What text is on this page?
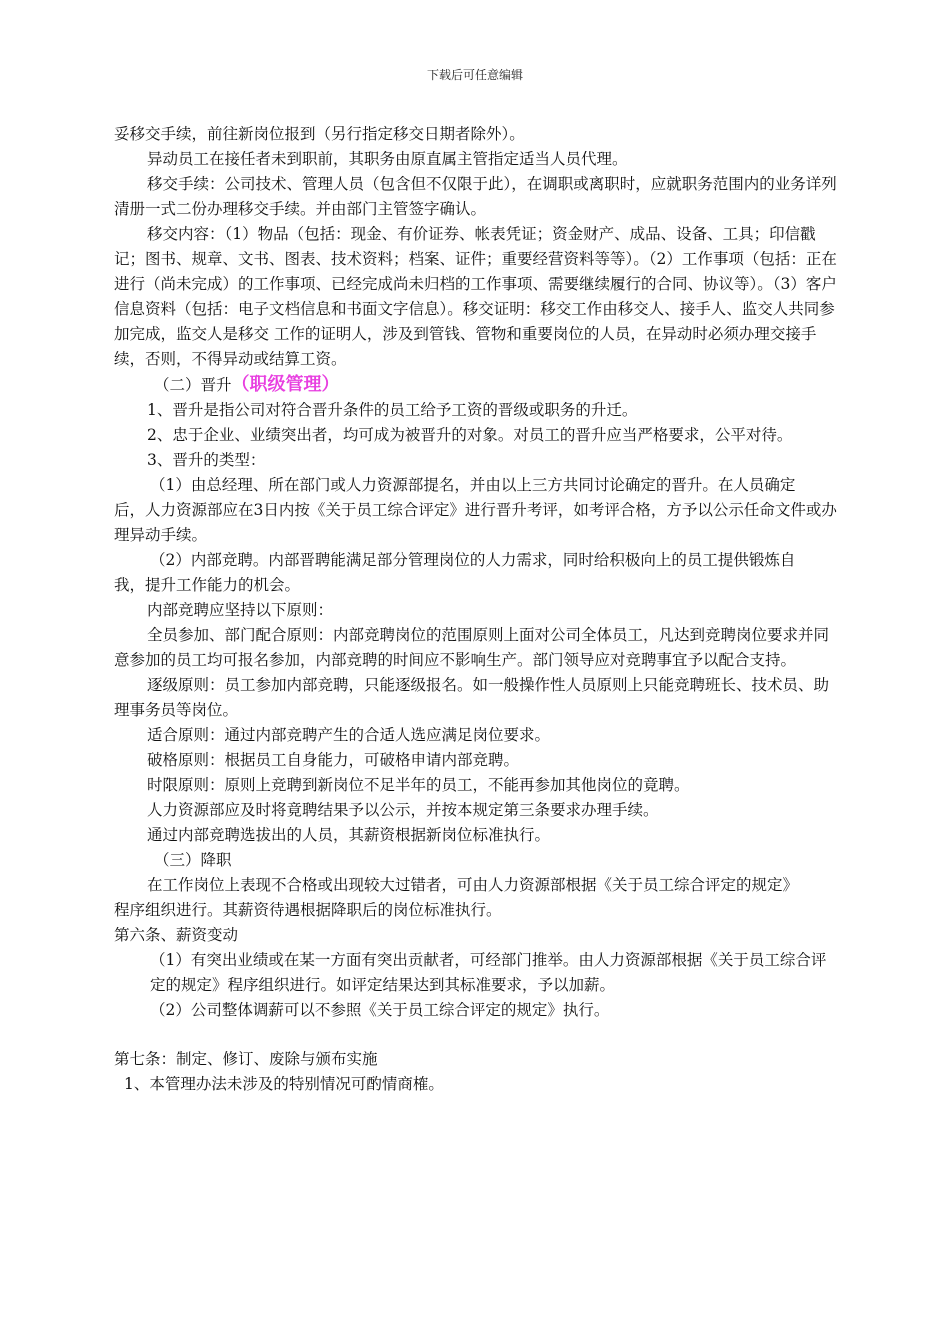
下载后可任意编辑

妥移交手续，前往新岗位报到（另行指定移交日期者除外）。

异动员工在接任者未到职前，其职务由原直属主管指定适当人员代理。

移交手续：公司技术、管理人员（包含但不仅限于此），在调职或离职时，应就职务范围内的业务详列清册一式二份办理移交手续。并由部门主管签字确认。

移交内容：（1）物品（包括：现金、有价证券、帐表凭证；资金财产、成品、设备、工具；印信戳记；图书、规章、文书、图表、技术资料；档案、证件；重要经营资料等等）。（2）工作事项（包括：正在进行（尚未完成）的工作事项、已经完成尚未归档的工作事项、需要继续履行的合同、协议等）。（3）客户信息资料（包括：电子文档信息和书面文字信息）。移交证明：移交工作由移交人、接手人、监交人共同参加完成，监交人是移交 工作的证明人，涉及到管钱、管物和重要岗位的人员，在异动时必须办理交接手续，否则，不得异动或结算工资。

（二）晋升（职级管理）

1、晋升是指公司对符合晋升条件的员工给予工资的晋级或职务的升迁。

2、忠于企业、业绩突出者，均可成为被晋升的对象。对员工的晋升应当严格要求，公平对待。

3、晋升的类型：

（1）由总经理、所在部门或人力资源部提名，并由以上三方共同讨论确定的晋升。在人员确定

后，人力资源部应在3日内按《关于员工综合评定》进行晋升考评，如考评合格，方予以公示任命文件或办理异动手续。

（2）内部竞聘。内部晋聘能满足部分管理岗位的人力需求，同时给积极向上的员工提供锻炼自

我，提升工作能力的机会。

内部竞聘应坚持以下原则：

全员参加、部门配合原则：内部竞聘岗位的范围原则上面对公司全体员工，凡达到竞聘岗位要求并同意参加的员工均可报名参加，内部竞聘的时间应不影响生产。部门领导应对竞聘事宜予以配合支持。

逐级原则：员工参加内部竞聘，只能逐级报名。如一般操作性人员原则上只能竞聘班长、技术员、助理事务员等岗位。

适合原则：通过内部竞聘产生的合适人选应满足岗位要求。

破格原则：根据员工自身能力，可破格申请内部竞聘。

时限原则：原则上竞聘到新岗位不足半年的员工，不能再参加其他岗位的竟聘。

人力资源部应及时将竟聘结果予以公示，并按本规定第三条要求办理手续。

通过内部竞聘选拔出的人员，其薪资根据新岗位标准执行。

（三）降职

在工作岗位上表现不合格或出现较大过错者，可由人力资源部根据《关于员工综合评定的规定》

程序组织进行。其薪资待遇根据降职后的岗位标准执行。

第六条、薪资变动

（1）有突出业绩或在某一方面有突出贡献者，可经部门推举。由人力资源部根据《关于员工综合评定的规定》程序组织进行。如评定结果达到其标准要求，予以加薪。

（2）公司整体调薪可以不参照《关于员工综合评定的规定》执行。

第七条：制定、修订、废除与颁布实施

1、本管理办法未涉及的特别情况可酌情商榷。
